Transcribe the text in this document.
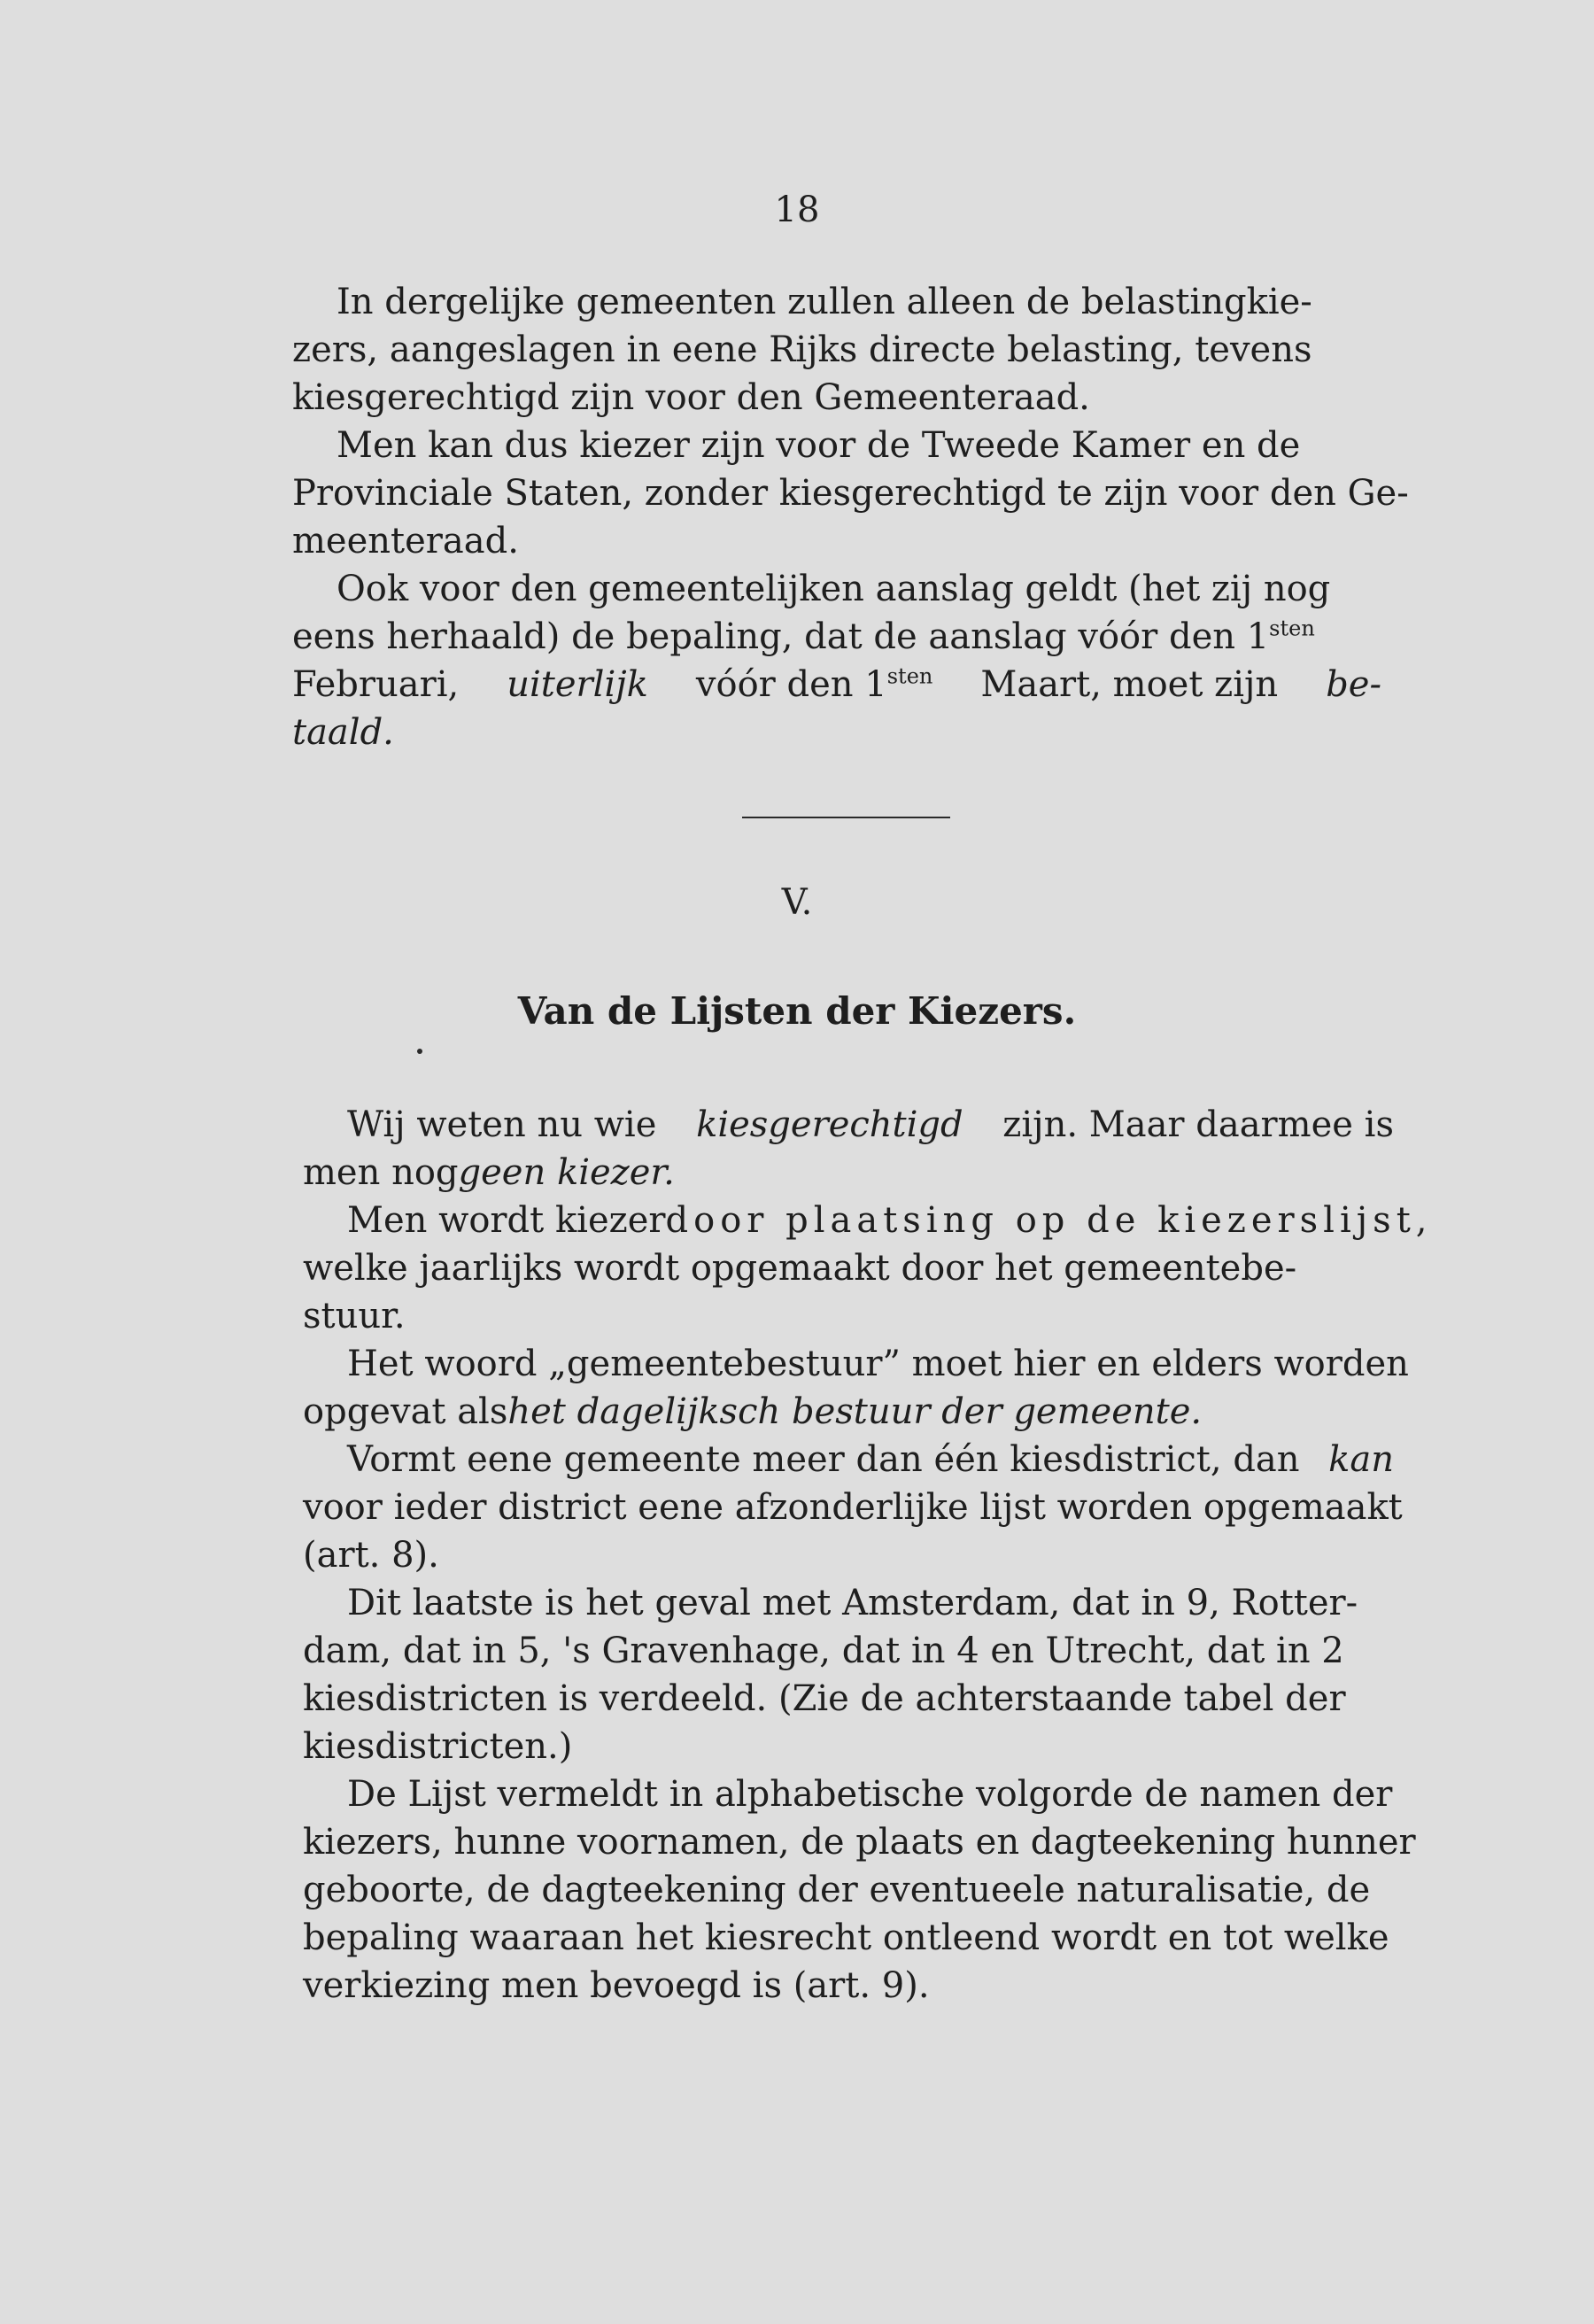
18
In dergelijke gemeenten zullen alleen de belastingkie-
zers, aangeslagen in eene Rijks directe belasting, tevens
kiesgerechtigd zijn voor den Gemeenteraad.
Men kan dus kiezer zijn voor de Tweede Kamer en de
Provinciale Staten, zonder kiesgerechtigd te zijn voor den Ge-
meenteraad.
Ook voor den gemeentelijken aanslag geldt (het zij nog
eens herhaald) de bepaling, dat de aanslag vóór den $1^{sten}$
Februari, uiterlijk vóór den $1^{sten}$ Maart, moet zijn be-
taald.
V.
Van de Lijsten der Kiezers.
Wij weten nu wie kiesgerechtigd zijn. Maar daarmee is
men nog geen kiezer.
Men wordt kiezer door plaatsing op de kiezerslijst,
welke jaarlijks wordt opgemaakt door het gemeentebe-
stuur.
Het woord „gemeentebestuur” moet hier en elders worden
opgevat als het dagelijksch bestuur der gemeente.
Vormt eene gemeente meer dan één kiesdistrict, dan kan
voor ieder district eene afzonderlijke lijst worden opgemaakt
(art. 8).
Dit laatste is het geval met Amsterdam, dat in 9, Rotter-
dam, dat in 5, 's Gravenhage, dat in 4 en Utrecht, dat in 2
kiesdistricten is verdeeld. (Zie de achterstaande tabel der
kiesdistricten.)
De Lijst vermeldt in alphabetische volgorde de namen der
kiezers, hunne voornamen, de plaats en dagteekening hunner
geboorte, de dagteekening der eventueele naturalisatie, de
bepaling waaraan het kiesrecht ontleend wordt en tot welke
verkiezing men bevoegd is (art. 9).
